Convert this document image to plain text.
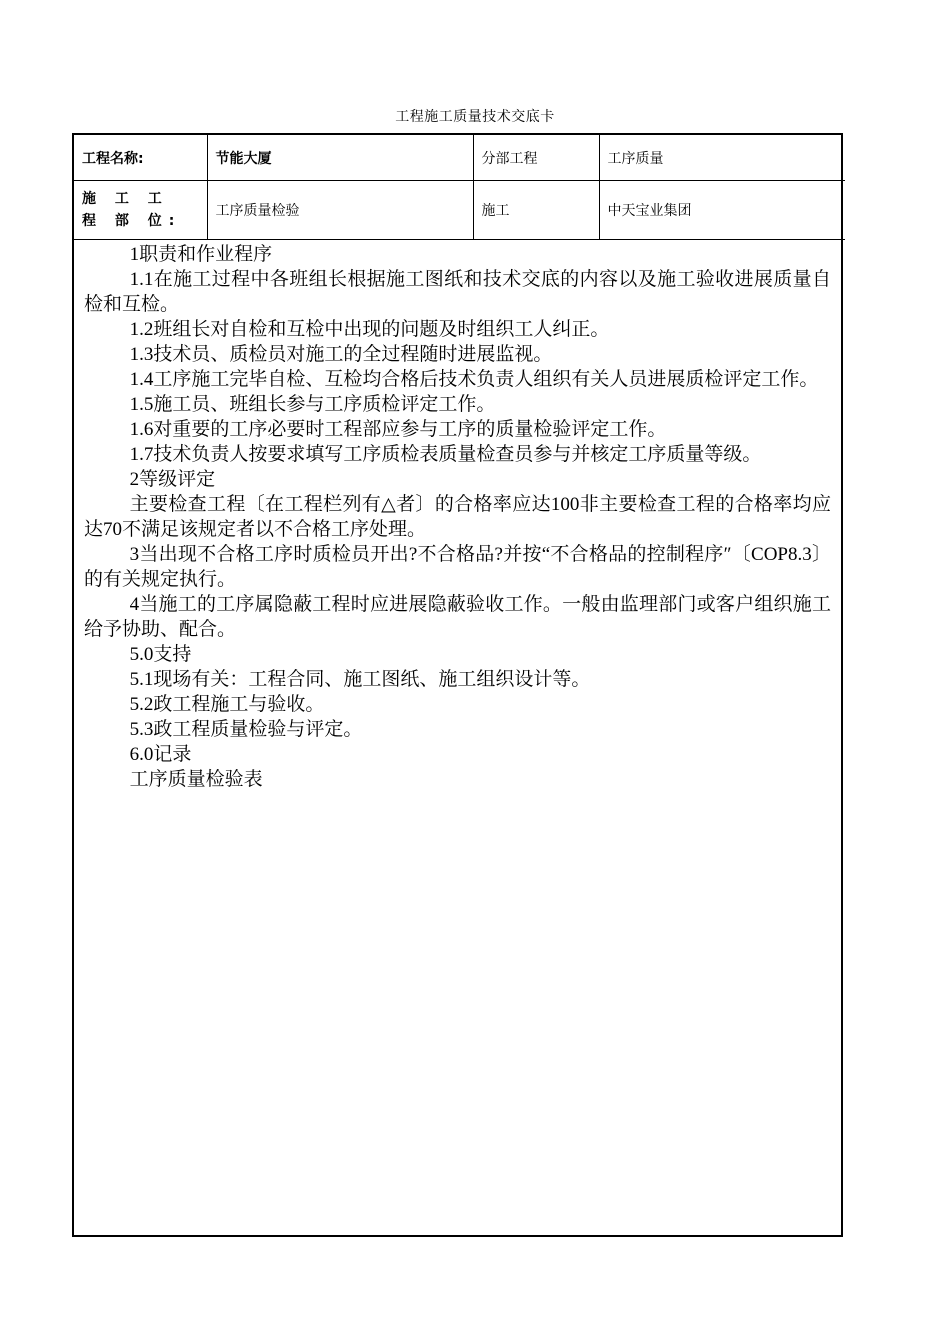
工程施工质量技术交底卡
工程名称:	节能大厦	分部工程	工序质量
施 工 工 程 部 位:	工序质量检验	施工	中天宝业集团

1职责和作业程序

1.1在施工过程中各班组长根据施工图纸和技术交底的内容以及施工验收进展质量自检和互检。

1.2班组长对自检和互检中出现的问题及时组织工人纠正。

1.3技术员、质检员对施工的全过程随时进展监视。

1.4工序施工完毕自检、互检均合格后技术负责人组织有关人员进展质检评定工作。

1.5施工员、班组长参与工序质检评定工作。

1.6对重要的工序必要时工程部应参与工序的质量检验评定工作。

1.7技术负责人按要求填写工序质检表质量检查员参与并核定工序质量等级。

2等级评定

主要检查工程〔在工程栏列有△者〕的合格率应达100非主要检查工程的合格率均应达70不满足该规定者以不合格工序处理。

3当出现不合格工序时质检员开出?不合格品?并按“不合格品的控制程序″〔COP8.3〕的有关规定执行。

4当施工的工序属隐蔽工程时应进展隐蔽验收工作。一般由监理部门或客户组织施工给予协助、配合。

5.0支持

5.1现场有关：工程合同、施工图纸、施工组织设计等。

5.2政工程施工与验收。

5.3政工程质量检验与评定。

6.0记录

工序质量检验表
